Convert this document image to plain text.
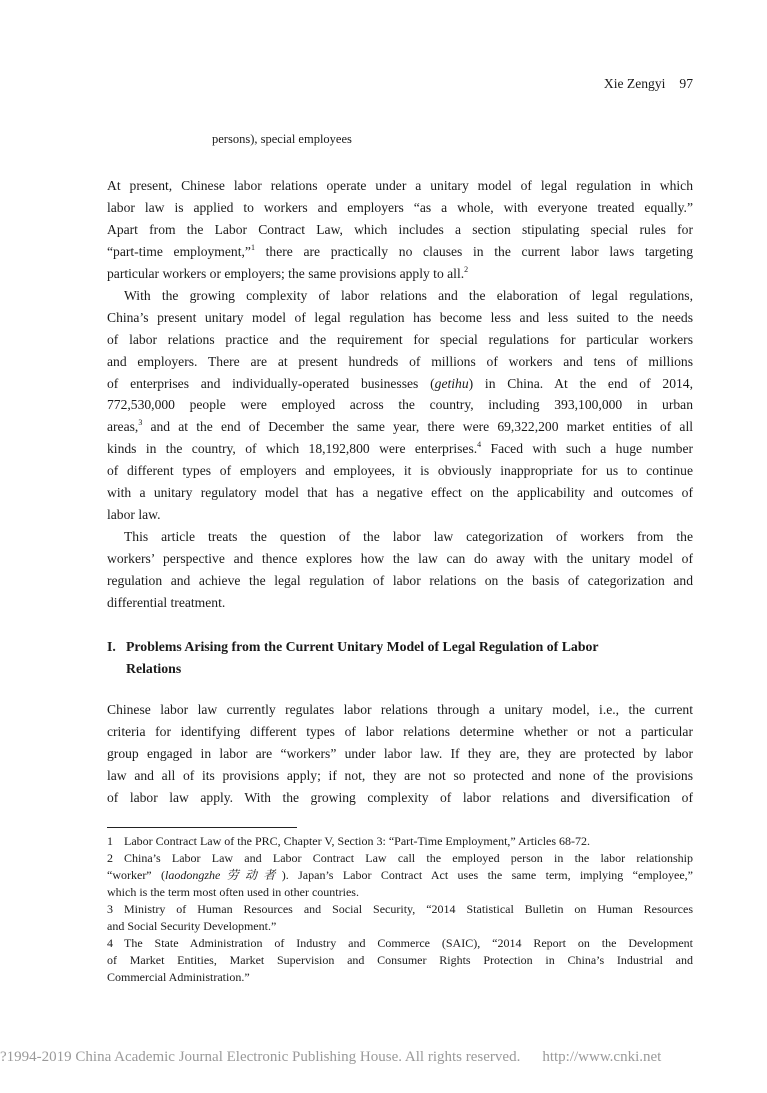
Xie Zengyi 97
persons), special employees
At present, Chinese labor relations operate under a unitary model of legal regulation in which
labor law is applied to workers and employers “as a whole, with everyone treated equally.”
Apart from the Labor Contract Law, which includes a section stipulating special rules for
“part-time employment,”$^1$ there are practically no clauses in the current labor laws targeting
particular workers or employers; the same provisions apply to all.$^2$
With the growing complexity of labor relations and the elaboration of legal regulations,
China’s present unitary model of legal regulation has become less and less suited to the needs
of labor relations practice and the requirement for special regulations for particular workers
and employers. There are at present hundreds of millions of workers and tens of millions
of enterprises and individually-operated businesses (getihu) in China. At the end of 2014,
772,530,000 people were employed across the country, including 393,100,000 in urban
areas,$^3$ and at the end of December the same year, there were 69,322,200 market entities of all
kinds in the country, of which 18,192,800 were enterprises.$^4$ Faced with such a huge number
of different types of employers and employees, it is obviously inappropriate for us to continue
with a unitary regulatory model that has a negative effect on the applicability and outcomes of
labor law.
This article treats the question of the labor law categorization of workers from the
workers’ perspective and thence explores how the law can do away with the unitary model of
regulation and achieve the legal regulation of labor relations on the basis of categorization and
differential treatment.
I. Problems Arising from the Current Unitary Model of Legal Regulation of Labor
Relations
Chinese labor law currently regulates labor relations through a unitary model, i.e., the current
criteria for identifying different types of labor relations determine whether or not a particular
group engaged in labor are “workers” under labor law. If they are, they are protected by labor
law and all of its provisions apply; if not, they are not so protected and none of the provisions
of labor law apply. With the growing complexity of labor relations and diversification of
1 Labor Contract Law of the PRC, Chapter V, Section 3: “Part-Time Employment,” Articles 68-72.
2 China’s Labor Law and Labor Contract Law call the employed person in the labor relationship
“worker” (laodongzhe劳动者). Japan’s Labor Contract Act uses the same term, implying “employee,”
which is the term most often used in other countries.
3 Ministry of Human Resources and Social Security, “2014 Statistical Bulletin on Human Resources
and Social Security Development.”
4 The State Administration of Industry and Commerce (SAIC), “2014 Report on the Development
of Market Entities, Market Supervision and Consumer Rights Protection in China’s Industrial and
Commercial Administration.”
?1994-2019 China Academic Journal Electronic Publishing House. All rights reserved. http://www.cnki.net
